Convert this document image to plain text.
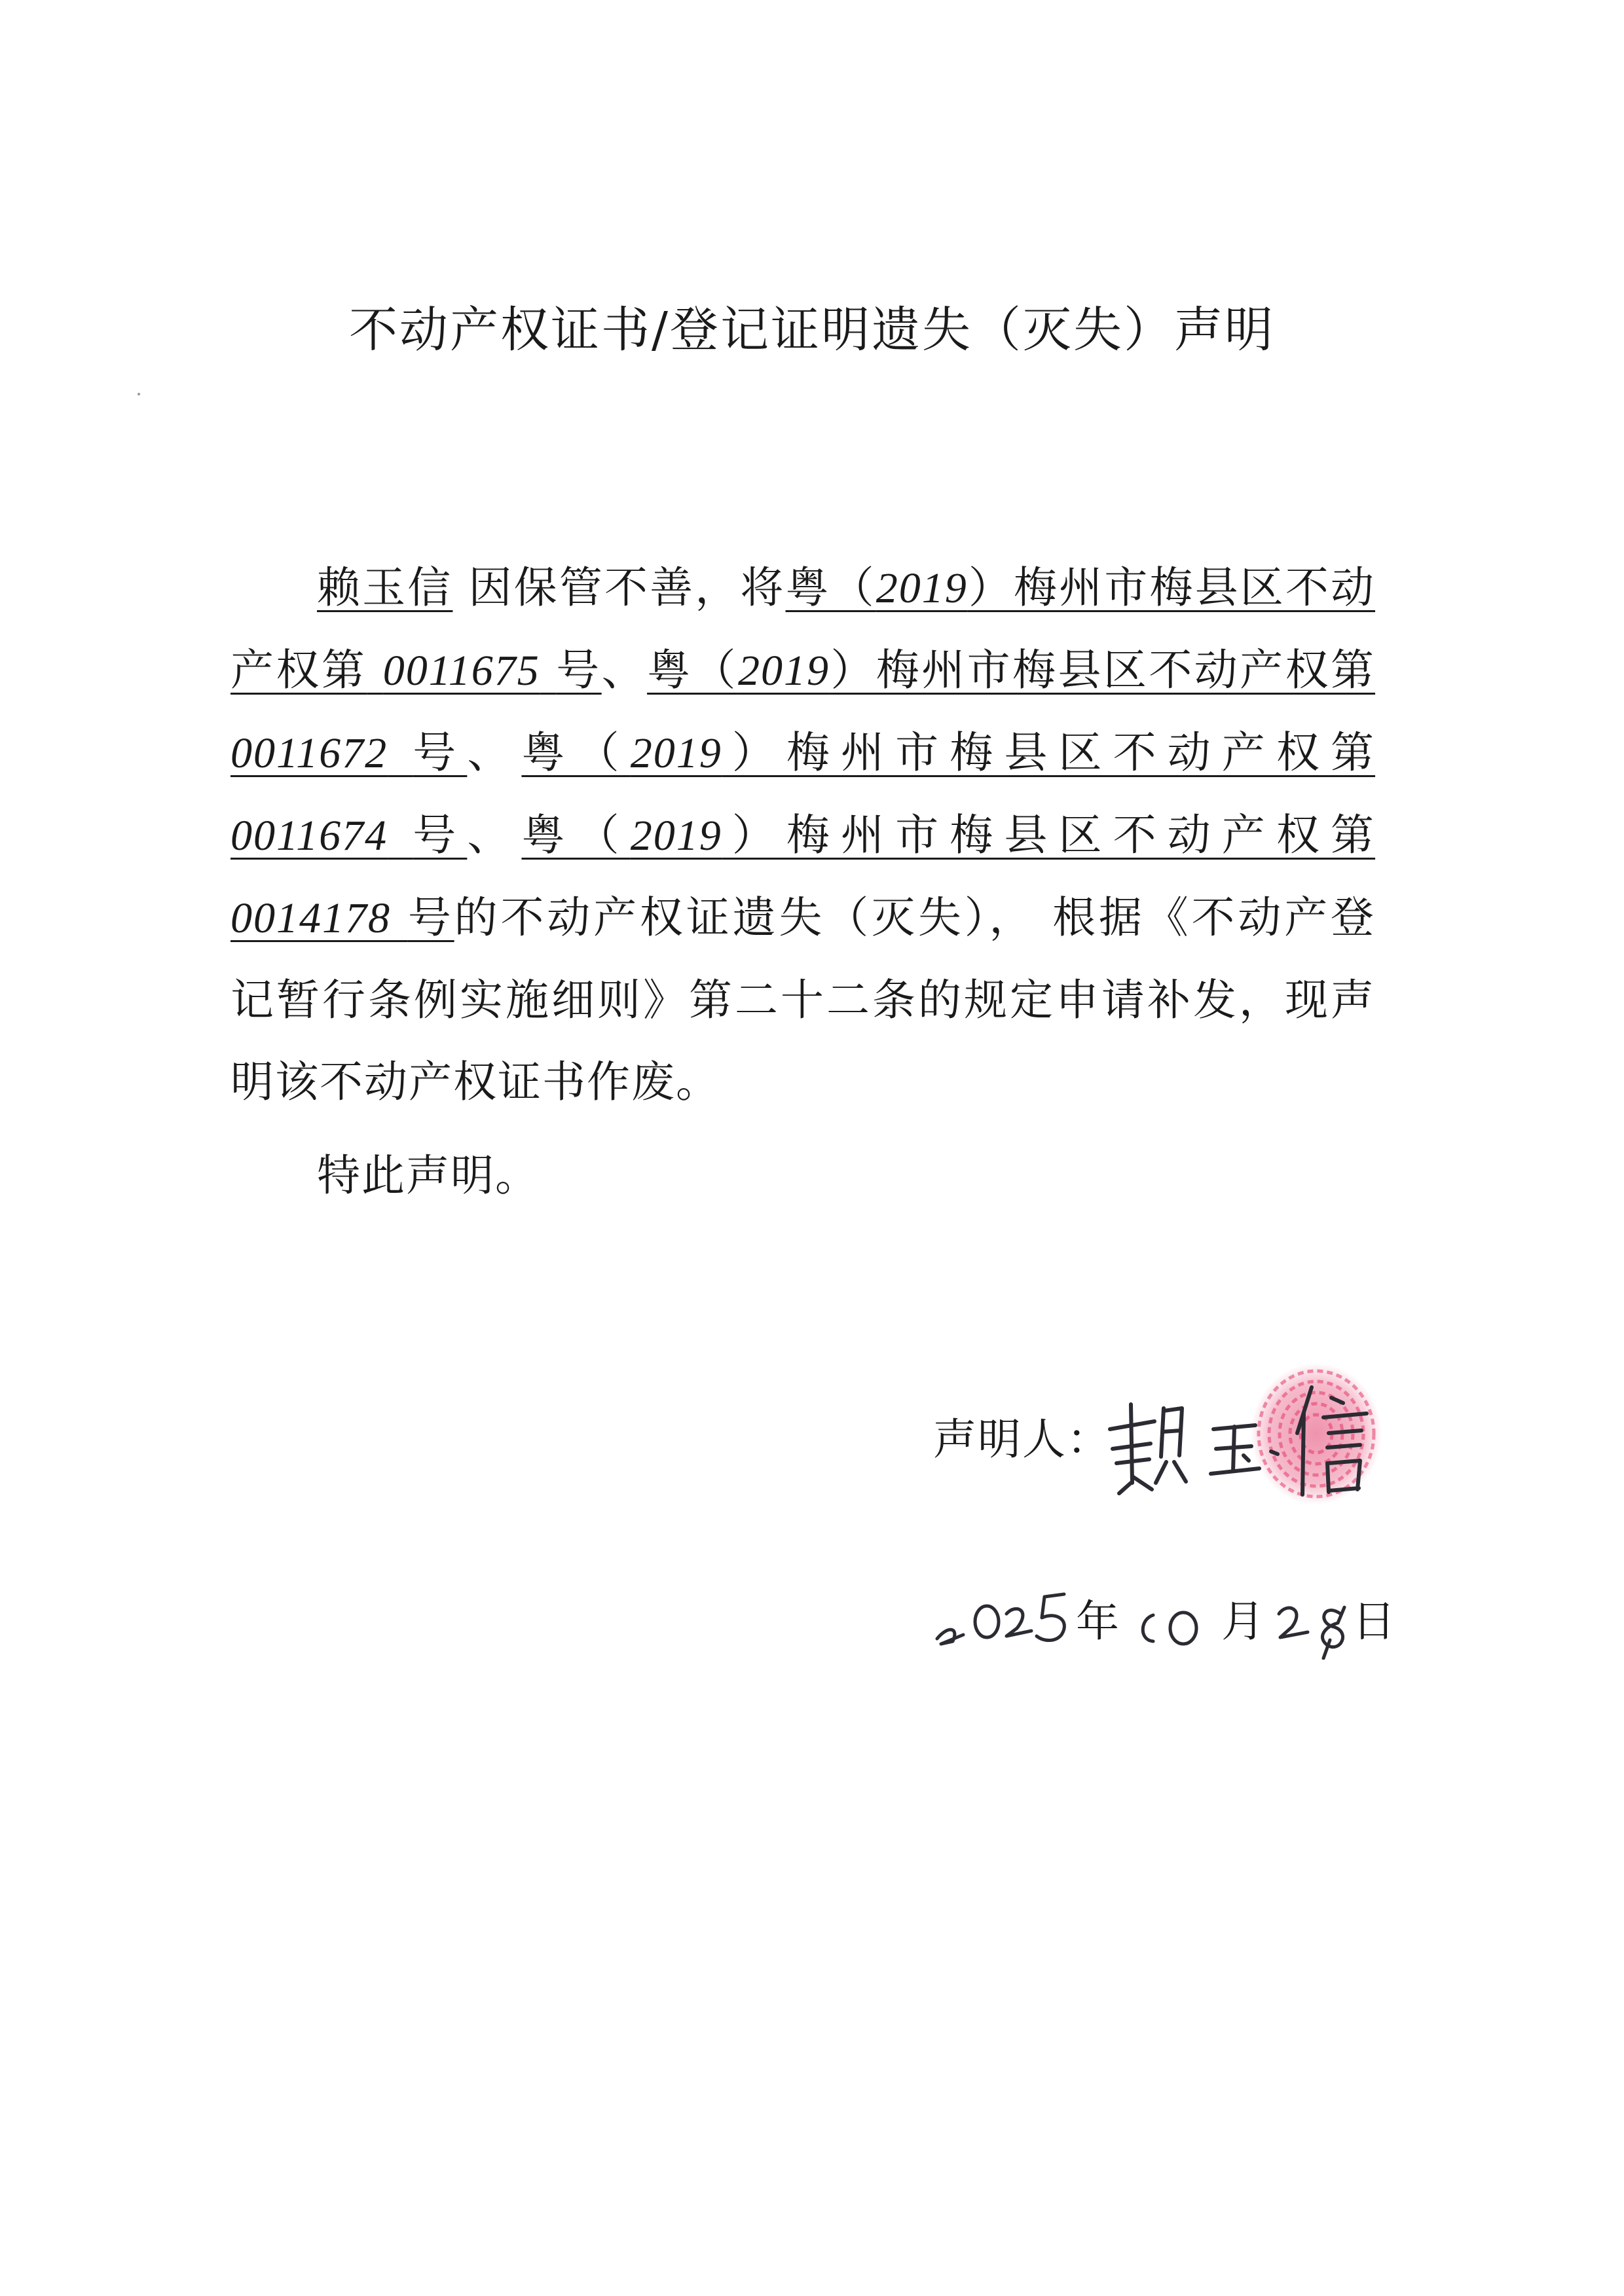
不动产权证书/登记证明遗失（灭失）声明

赖玉信 因保管不善，将粤（2019）梅州市梅县区不动产权第 0011675 号、粤（2019）梅州市梅县区不动产权第 0011672 号、粤（2019）梅州市梅县区不动产权第 0011674 号、粤（2019）梅州市梅县区不动产权第 0014178 号的不动产权证遗失（灭失）， 根据《不动产登记暂行条例实施细则》第二十二条的规定申请补发，现声明该不动产权证书作废。

特此声明。
声明人：
年 月 日
